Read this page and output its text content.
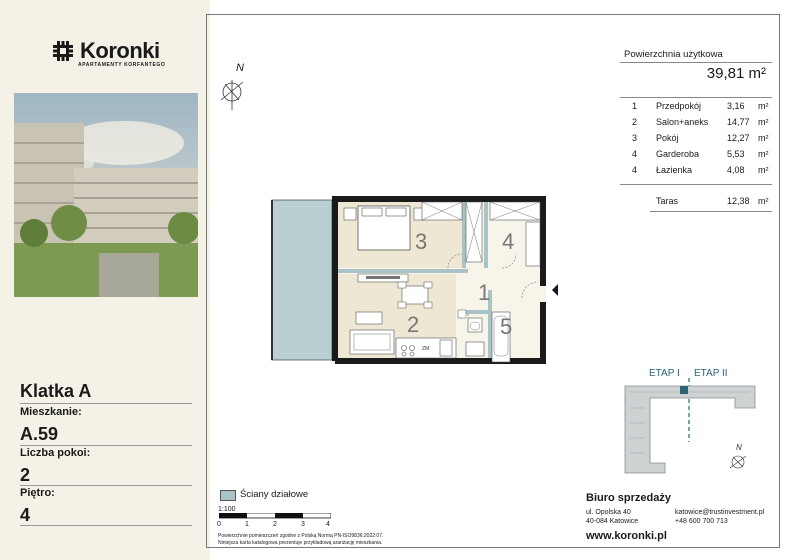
Koronki
APARTAMENTY KORFANTEGO
Klatka A
Mieszkanie:
A.59
Liczba pokoi:
2
Piętro:
4
N
Powierzchnia użytkowa
39,81 m²
1 Przedpokój	3,16 m²
2 Salon+aneks 14,77 m²
3 Pokój	12,27 m²
4 Garderoba	5,53 m²
4 Łazienka	4,08 m²
Taras	12,38 m²
ZM
3	4
1
2	5
ETAP I ETAP II
N
Ściany działowe
1:100
0	1	2	3	4
Powierzchnie pomieszczeń zgodne z Polską Normą PN-ISO9836:2022:07.
Niniejsza karta katalogowa prezentuje przykładową aranżację mieszkania.
Biuro sprzedaży
ul. Opolska 40
40-084 Katowice
katowice@trustinvestment.pl
+48 600 700 713
www.koronki.pl
